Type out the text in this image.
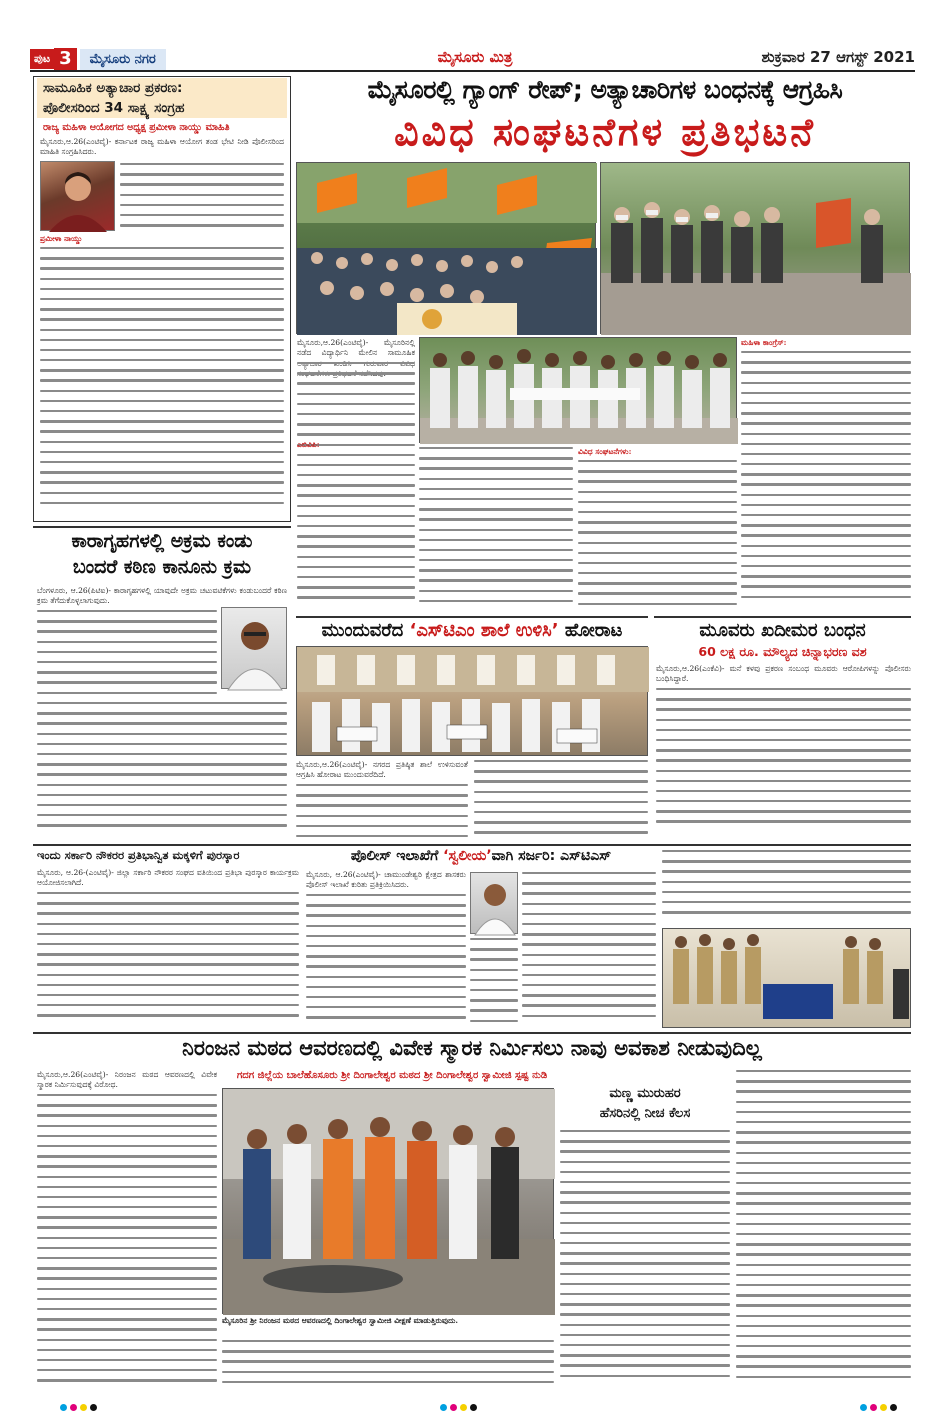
ಪುಟ 3	ಮೈಸೂರು ನಗರ	ಮೈಸೂರು ಮಿತ್ರ	ಶುಕ್ರವಾರ 27 ಆಗಸ್ಟ್ 2021
ಸಾಮೂಹಿಕ ಅತ್ಯಾಚಾರ ಪ್ರಕರಣ:
ಪೊಲೀಸರಿಂದ 34 ಸಾಕ್ಷ್ಯ ಸಂಗ್ರಹ
ರಾಜ್ಯ ಮಹಿಳಾ ಆಯೋಗದ ಅಧ್ಯಕ್ಷ ಪ್ರಮೀಳಾ ನಾಯ್ಡು ಮಾಹಿತಿ
ಮೈಸೂರು,ಆ.26(ಎಂಟಿವೈ)- ಕರ್ನಾಟಕ ರಾಜ್ಯ ಮಹಿಳಾ ಆಯೋಗ ತಂಡ ಭೇಟಿ ನೀಡಿ ಪೊಲೀಸರಿಂದ ಮಾಹಿತಿ ಸಂಗ್ರಹಿಸಿದರು.
ಪ್ರಮೀಳಾ ನಾಯ್ಡು
ಮೈಸೂರಲ್ಲಿ ಗ್ಯಾಂಗ್ ರೇಪ್; ಅತ್ಯಾಚಾರಿಗಳ ಬಂಧನಕ್ಕೆ ಆಗ್ರಹಿಸಿ
ವಿವಿಧ ಸಂಘಟನೆಗಳ ಪ್ರತಿಭಟನೆ
ಮೈಸೂರು,ಆ.26(ಎಂಟಿವೈ)- ಮೈಸೂರಿನಲ್ಲಿ ನಡೆದ ವಿದ್ಯಾರ್ಥಿನಿ ಮೇಲಿನ ಸಾಮೂಹಿಕ
ಎಬಿವಿಪಿ:
ವಿವಿಧ ಸಂಘಟನೆಗಳು:
ಮಹಿಳಾ ಕಾಂಗ್ರೆಸ್:
ಕಾರಾಗೃಹಗಳಲ್ಲಿ ಅಕ್ರಮ ಕಂಡು
ಬಂದರೆ ಕಠಿಣ ಕಾನೂನು ಕ್ರಮ
ಬೆಂಗಳೂರು, ಆ.26(ಪಿಟಿಐ)- ಕಾರಾಗೃಹಗಳಲ್ಲಿ ಯಾವುದೇ ಅಕ್ರಮ ಚಟುವಟಿಕೆಗಳು ಕಂಡುಬಂದರೆ ಕಠಿಣ ಕ್ರಮ ತೆಗೆದುಕೊಳ್ಳಲಾಗುವುದು.
ಮುಂದುವರೆದ ‘ಎಸ್‌ಟಿಎಂ ಶಾಲೆ ಉಳಿಸಿ’ ಹೋರಾಟ
ಮೈಸೂರು,ಆ.26(ಎಂಟಿವೈ)- ನಗರದ ಪ್ರತಿಷ್ಠಿತ ಶಾಲೆ ಉಳಿಸುವಂತೆ ಆಗ್ರಹಿಸಿ ಹೋರಾಟ ಮುಂದುವರೆದಿದೆ.
ಮೂವರು ಖದೀಮರ ಬಂಧನ
60 ಲಕ್ಷ ರೂ. ಮೌಲ್ಯದ ಚಿನ್ನಾಭರಣ ವಶ
ಮೈಸೂರು,ಆ.26(ಎಂಕೆವಿ)- ಮನೆ ಕಳವು ಪ್ರಕರಣ ಸಂಬಂಧ ಮೂವರು ಆರೋಪಿಗಳನ್ನು ಪೊಲೀಸರು ಬಂಧಿಸಿದ್ದಾರೆ.
ಇಂದು ಸರ್ಕಾರಿ ನೌಕರರ ಪ್ರತಿಭಾನ್ವಿತ ಮಕ್ಕಳಿಗೆ ಪುರಸ್ಕಾರ
ಮೈಸೂರು, ಆ.26-(ಎಂಟಿವೈ)- ಜಿಲ್ಲಾ ಸರ್ಕಾರಿ ನೌಕರರ ಸಂಘದ ವತಿಯಿಂದ ಪ್ರತಿಭಾ ಪುರಸ್ಕಾರ ಕಾರ್ಯಕ್ರಮ ಆಯೋಜಿಸಲಾಗಿದೆ.
ಪೊಲೀಸ್ ಇಲಾಖೆಗೆ ‘ಸ್ವಲೀಯ’ವಾಗಿ ಸರ್ಜರಿ: ಎಸ್‌ಟಿಎಸ್
ಮೈಸೂರು, ಆ.26(ಎಂಟಿವೈ)- ಚಾಮುಂಡೇಶ್ವರಿ ಕ್ಷೇತ್ರದ ಶಾಸಕರು ಪೊಲೀಸ್ ಇಲಾಖೆ ಕುರಿತು ಪ್ರತಿಕ್ರಿಯಿಸಿದರು.
ನಿರಂಜನ ಮಠದ ಆವರಣದಲ್ಲಿ ವಿವೇಕ ಸ್ಮಾರಕ ನಿರ್ಮಿಸಲು ನಾವು ಅವಕಾಶ ನೀಡುವುದಿಲ್ಲ
ಮೈಸೂರು,ಆ.26(ಎಂಟಿವೈ)- ನಿರಂಜನ ಮಠದ ಆವರಣದಲ್ಲಿ ವಿವೇಕ ಸ್ಮಾರಕ ನಿರ್ಮಿಸುವುದಕ್ಕೆ ವಿರೋಧ.
ಗದಗ ಜಿಲ್ಲೆಯ ಬಾಲೆಹೊಸೂರು ಶ್ರೀ ದಿಂಗಾಲೇಶ್ವರ ಮಠದ ಶ್ರೀ ದಿಂಗಾಲೇಶ್ವರ ಸ್ವಾಮೀಜಿ ಸ್ಪಷ್ಟ ನುಡಿ
ಮೈಸೂರಿನ ಶ್ರೀ ನಿರಂಜನ ಮಠದ ಆವರಣದಲ್ಲಿ ದಿಂಗಾಲೇಶ್ವರ ಸ್ವಾಮೀಜಿ ವೀಕ್ಷಣೆ ಮಾಡುತ್ತಿರುವುದು.
ಮಣ್ಣ ಮುರುಹರ
ಹೆಸರಿನಲ್ಲಿ ನೀಚ ಕೆಲಸ
